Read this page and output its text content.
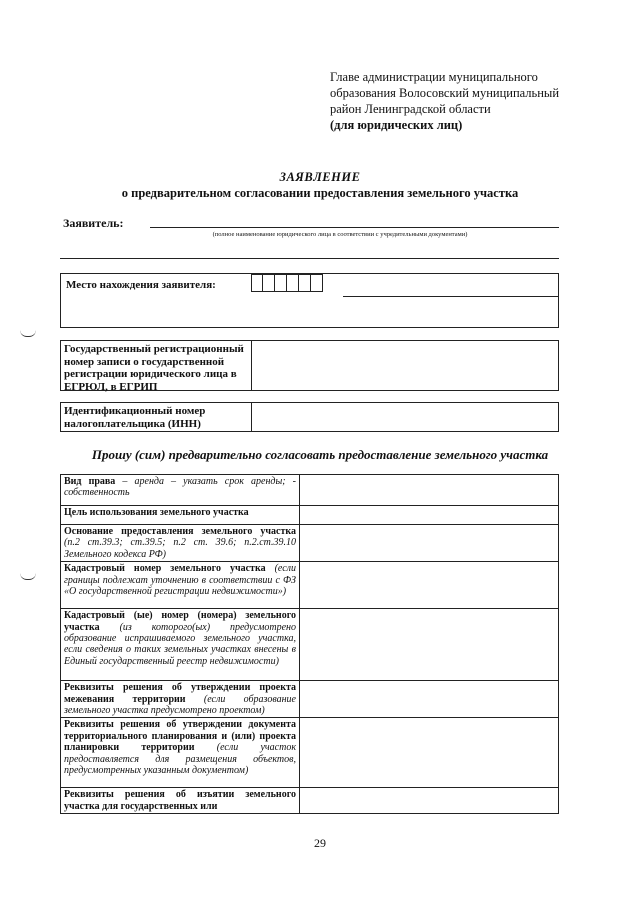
Главе администрации муниципального
образования Волосовский муниципальный
район Ленинградской области
(для юридических лиц)
ЗАЯВЛЕНИЕ
о предварительном согласовании предоставления земельного участка
Заявитель:
(полное наименование юридического лица в соответствии с учредительными документами)
Место нахождения заявителя:
Государственный регистрационный номер записи о государственной регистрации юридического лица в ЕГРЮЛ, в ЕГРИП
Идентификационный номер налогоплательщика (ИНН)
Прошу (сим) предварительно согласовать предоставление земельного участка
Вид права – аренда – указать срок аренды; - собственность	
Цель использования земельного участка	
Основание предоставления земельного участка (п.2 ст.39.3; ст.39.5; п.2 ст. 39.6; п.2.ст.39.10 Земельного кодекса РФ)	
Кадастровый номер земельного участка (если границы подлежат уточнению в соответствии с ФЗ «О государственной регистрации недвижимости»)	
Кадастровый (ые) номер (номера) земельного участка (из которого(ых) предусмотрено образование испрашиваемого земельного участка, если сведения о таких земельных участках внесены в Единый государственный реестр недвижимости)	
Реквизиты решения об утверждении проекта межевания территории (если образование земельного участка предусмотрено проектом)	
Реквизиты решения об утверждении документа территориального планирования и (или) проекта планировки территории (если участок предоставляется для размещения объектов, предусмотренных указанным документом)	
Реквизиты решения об изъятии земельного участка для государственных или	
29
